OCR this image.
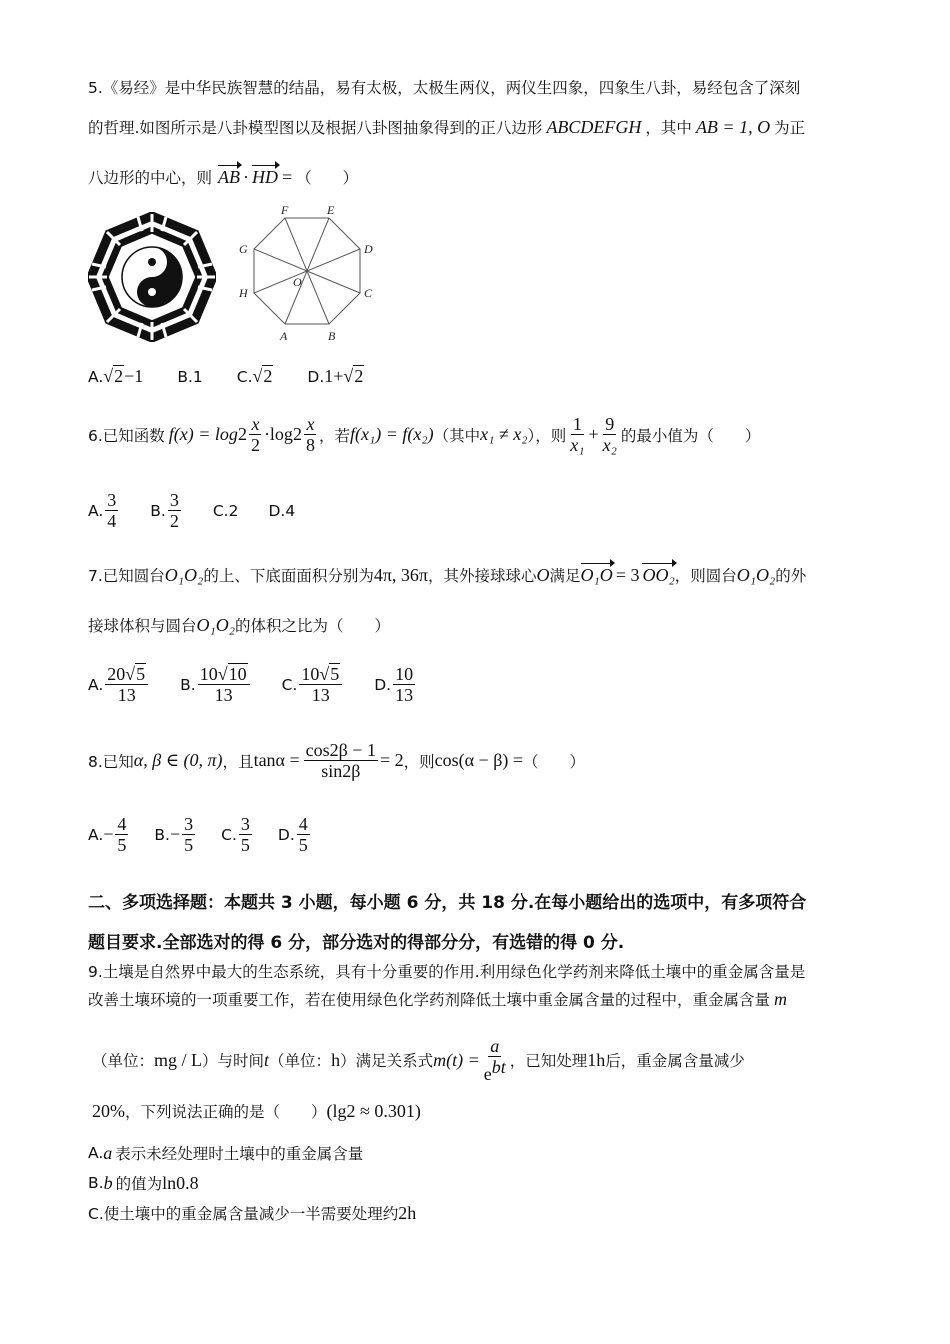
5.《易经》是中华民族智慧的结晶，易有太极，太极生两仪，两仪生四象，四象生八卦，易经包含了深刻
的哲理.如图所示是八卦模型图以及根据八卦图抽象得到的正八边形 ABCDEFGH ，其中 AB = 1, O 为正
八边形的中心，则 AB · HD = （　　）
F	E
G	D
H	C
A	B
O
A.√2−1 B.1 C.√2 D.1+√2
6.已知函数 $f(x) = \log 2 \frac{x}{2} \cdot\log$ $2 \frac{x}{8}$ ，若 f(x₁) = f(x₂) （其中 x₁ ≠ x₂ ），则 $\frac{1}{\text{x₁}} + \frac{9}{\text{x₂}}$ 的最小值为（　　）
A. $\frac{3}{4} B$. $\frac{3}{2} C.2$ D.4
7.已知圆台 O₁O₂ 的上、下底面面积分别为 4π, 36π ，其外接球球心 O 满足 O₁O = 3 OO₂ ，则圆台 O₁O₂ 的外
接球体积与圆台 O₁O₂ 的体积之比为（　　）
A. $\frac{20√5}{13} B$. $\frac{10√10}{13} C$. $\frac{10√5}{13} D$. $\frac{10}{13}$
8.已知 α, β ∈ (0, π) ，且 $\tan\alpha = \frac{\cos 2\beta - 1}{\sin 2\beta} = 2$ ，则 cos(α − β) = （　　）
A. − $\frac{4}{5} B$. − $\frac{3}{5} C$. $\frac{3}{5} D$. $\frac{4}{5}$
二、多项选择题：本题共 3 小题，每小题 6 分，共 18 分.在每小题给出的选项中，有多项符合
题目要求.全部选对的得 6 分，部分选对的得部分分，有选错的得 0 分.
9.土壤是自然界中最大的生态系统，具有十分重要的作用.利用绿色化学药剂来降低土壤中的重金属含量是
改善土壤环境的一项重要工作，若在使用绿色化学药剂降低土壤中重金属含量的过程中，重金属含量 m
（单位： mg / L ）与时间 t （单位： h ）满足关系式 $m(t) = \frac{a}{e^{bt}}$ ，已知处理 1h 后，重金属含量减少
20% ，下列说法正确的是（　　） (lg2 ≈ 0.301)
A. a 表示未经处理时土壤中的重金属含量
B. b 的值为 ln0.8
C.使土壤中的重金属含量减少一半需要处理约 2h
